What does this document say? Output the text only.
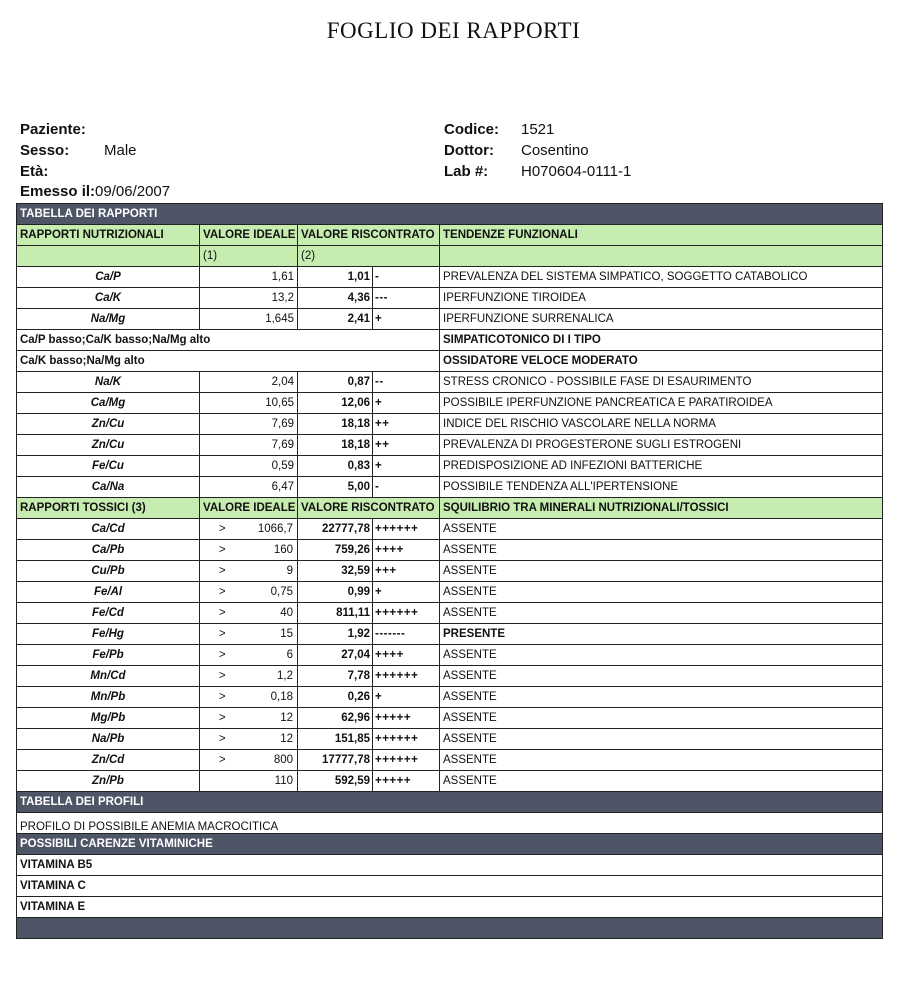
FOGLIO DEI RAPPORTI
Paziente:
Sesso: Male
Età:
Emesso il:09/06/2007
Codice: 1521
Dottor: Cosentino
Lab #: H070604-0111-1
TABELLA DEI RAPPORTI					
RAPPORTI NUTRIZIONALI	VALORE IDEALE		VALORE RISCONTRATO		TENDENZE FUNZIONALI
	(1)		(2)		
Ca/P	1,61		1,01	-	PREVALENZA DEL SISTEMA SIMPATICO, SOGGETTO CATABOLICO
Ca/K	13,2		4,36	---	IPERFUNZIONE TIROIDEA
Na/Mg	1,645		2,41	+	IPERFUNZIONE SURRENALICA
Ca/P basso;Ca/K basso;Na/Mg alto					SIMPATICOTONICO DI I TIPO
Ca/K basso;Na/Mg alto					OSSIDATORE VELOCE MODERATO
Na/K	2,04		0,87	--	STRESS CRONICO - POSSIBILE FASE DI ESAURIMENTO
Ca/Mg	10,65		12,06	+	POSSIBILE IPERFUNZIONE PANCREATICA E PARATIROIDEA
Zn/Cu	7,69		18,18	++	INDICE DEL RISCHIO VASCOLARE NELLA NORMA
Zn/Cu	7,69		18,18	++	PREVALENZA DI PROGESTERONE SUGLI ESTROGENI
Fe/Cu	0,59		0,83	+	PREDISPOSIZIONE AD INFEZIONI BATTERICHE
Ca/Na	6,47		5,00	-	POSSIBILE TENDENZA ALL'IPERTENSIONE
RAPPORTI TOSSICI (3)	VALORE IDEALE		VALORE RISCONTRATO		SQUILIBRIO TRA MINERALI NUTRIZIONALI/TOSSICI
Ca/Cd	>	1066,7	22777,78	++++++	ASSENTE
Ca/Pb	>	160	759,26	++++	ASSENTE
Cu/Pb	>	9	32,59	+++	ASSENTE
Fe/Al	>	0,75	0,99	+	ASSENTE
Fe/Cd	>	40	811,11	++++++	ASSENTE
Fe/Hg	>	15	1,92	-------	PRESENTE
Fe/Pb	>	6	27,04	++++	ASSENTE
Mn/Cd	>	1,2	7,78	++++++	ASSENTE
Mn/Pb	>	0,18	0,26	+	ASSENTE
Mg/Pb	>	12	62,96	+++++	ASSENTE
Na/Pb	>	12	151,85	++++++	ASSENTE
Zn/Cd	>	800	17777,78	++++++	ASSENTE
Zn/Pb		110	592,59	+++++	ASSENTE
TABELLA DEI PROFILI					
PROFILO DI POSSIBILE ANEMIA MACROCITICA					
POSSIBILI CARENZE VITAMINICHE					
VITAMINA B5					
VITAMINA C					
VITAMINA E					
